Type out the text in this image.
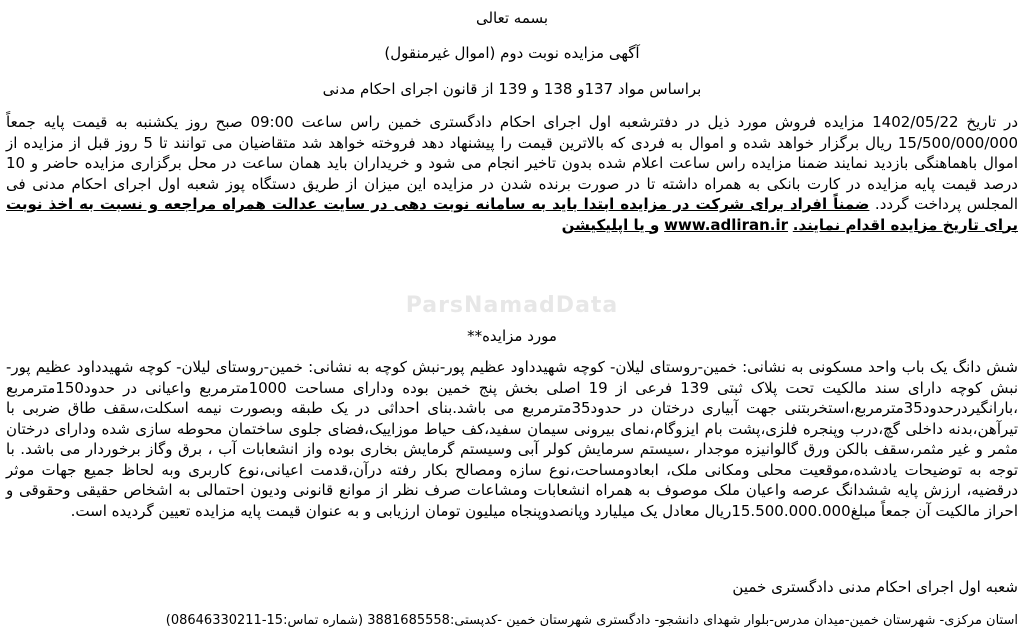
بسمه تعالی
آگهی مزایده نوبت دوم (اموال غیرمنقول)
براساس مواد 137و 138 و 139 از قانون اجرای احکام مدنی
در تاریخ 1402/05/22 مزایده فروش مورد ذیل در دفترشعبه اول اجرای احکام دادگستری خمین راس ساعت 09:00 صبح روز یکشنبه به قیمت پایه جمعاً 15/500/000/000 ریال برگزار خواهد شده و اموال به فردی که بالاترین قیمت را پیشنهاد دهد فروخته خواهد شد متقاضیان می توانند تا 5 روز قبل از مزایده از اموال باهماهنگی بازدید نمایند ضمنا مزایده راس ساعت اعلام شده بدون تاخیر انجام می شود و خریداران باید همان ساعت در محل برگزاری مزایده حاضر و 10 درصد قیمت پایه مزایده در کارت بانکی به همراه داشته تا در صورت برنده شدن در مزایده این میزان از طریق دستگاه پوز شعبه اول اجرای احکام مدنی فی المجلس پرداخت گردد. ضمناً افراد برای شرکت در مزایده ابتدا باید به سامانه نوبت دهی در سایت عدالت همراه مراجعه و نسبت به اخذ نوبت برای تاریخ مزایده اقدام نمایند. www.adliran.ir و یا اپلیکیشن
ParsNamadData
مورد مزایده**
شش دانگ یک باب واحد مسکونی به نشانی: خمین-روستای لیلان- کوچه شهیدداود عظیم پور-نبش کوچه به نشانی: خمین-روستای لیلان- کوچه شهیدداود عظیم پور-نبش کوچه دارای سند مالکیت تحت پلاک ثبتی 139 فرعی از 19 اصلی بخش پنج خمین بوده ودارای مساحت 1000مترمربع واعیانی در حدود150مترمربع ،بارانگیردرحدود35مترمربع،استخربتنی جهت آبیاری درختان در حدود35مترمربع می باشد.بنای احداثی در یک طبقه وبصورت نیمه اسکلت،سقف طاق ضربی با تیرآهن،بدنه داخلی گچ،درب وپنجره فلزی،پشت بام ایزوگام،نمای بیرونی سیمان سفید،کف حیاط موزاییک،فضای جلوی ساختمان محوطه سازی شده ودارای درختان مثمر و غیر مثمر،سقف بالکن ورق گالوانیزه موجدار ،سیستم سرمایش کولر آبی وسیستم گرمایش بخاری بوده واز انشعابات آب ، برق وگاز برخوردار می باشد. با توجه به توضیحات یادشده،موقعیت محلی ومکانی ملک، ابعادومساحت،نوع سازه ومصالح بکار رفته درآن،قدمت اعیانی،نوع کاربری وبه لحاظ جمیع جهات موثر درقضیه، ارزش پایه ششدانگ عرصه واعیان ملک موصوف به همراه انشعابات ومشاعات صرف نظر از موانع قانونی ودیون احتمالی به اشخاص حقیقی وحقوقی و احراز مالکیت آن جمعاً مبلغ15.500.000.000ریال معادل یک میلیارد وپانصدوپنجاه میلیون تومان ارزیابی و به عنوان قیمت پایه مزایده تعیین گردیده است.
شعبه اول اجرای احکام مدنی دادگستری خمین
استان مرکزی- شهرستان خمین-میدان مدرس-بلوار شهدای دانشجو- دادگستری شهرستان خمین -کدپستی:3881685558 (شماره تماس:15-08646330211)
